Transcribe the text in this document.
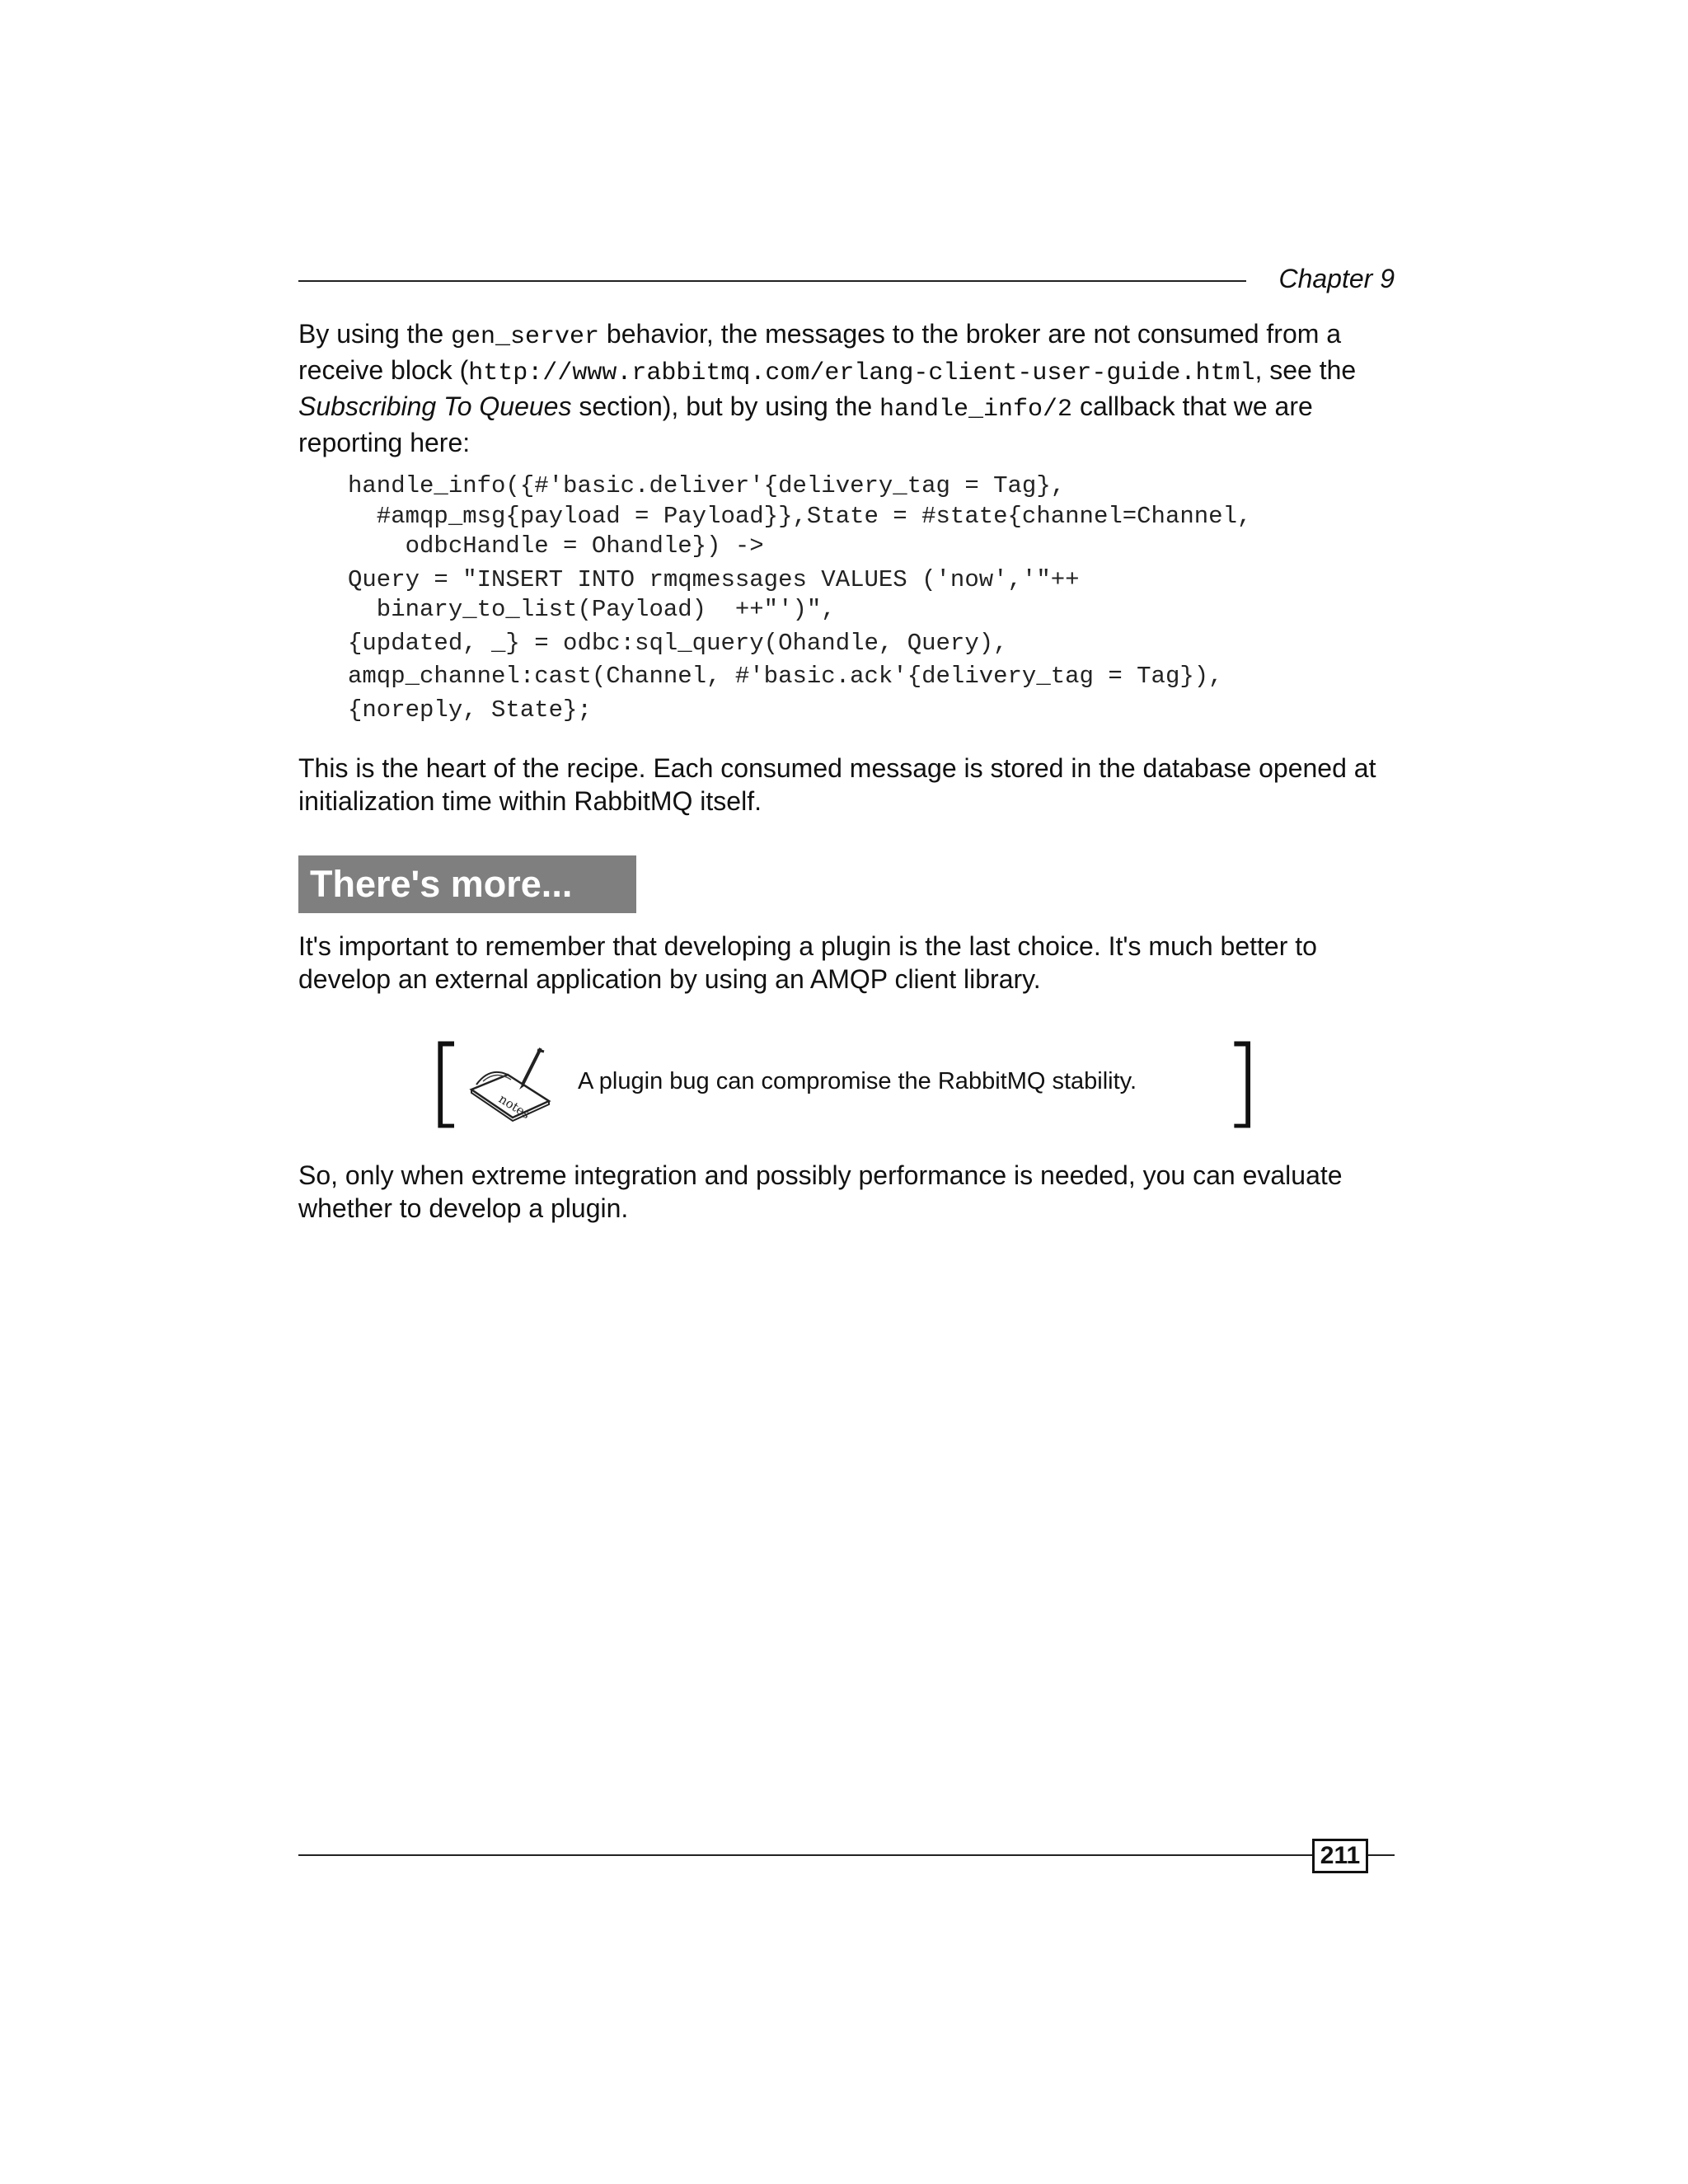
Chapter 9
By using the gen_server behavior, the messages to the broker are not consumed from a receive block (http://www.rabbitmq.com/erlang-client-user-guide.html, see the Subscribing To Queues section), but by using the handle_info/2 callback that we are reporting here:
handle_info({#'basic.deliver'{delivery_tag = Tag},
#amqp_msg{payload = Payload}},State = #state{channel=Channel,
odbcHandle = Ohandle}) ->
Query = "INSERT INTO rmqmessages VALUES ('now','"++
binary_to_list(Payload)  ++"')",
{updated, _} = odbc:sql_query(Ohandle, Query),
amqp_channel:cast(Channel, #'basic.ack'{delivery_tag = Tag}),
{noreply, State};
This is the heart of the recipe. Each consumed message is stored in the database opened at initialization time within RabbitMQ itself.
There's more...
It's important to remember that developing a plugin is the last choice. It's much better to develop an external application by using an AMQP client library.
[	notes
A plugin bug can compromise the RabbitMQ stability. ]
So, only when extreme integration and possibly performance is needed, you can evaluate whether to develop a plugin.
211
